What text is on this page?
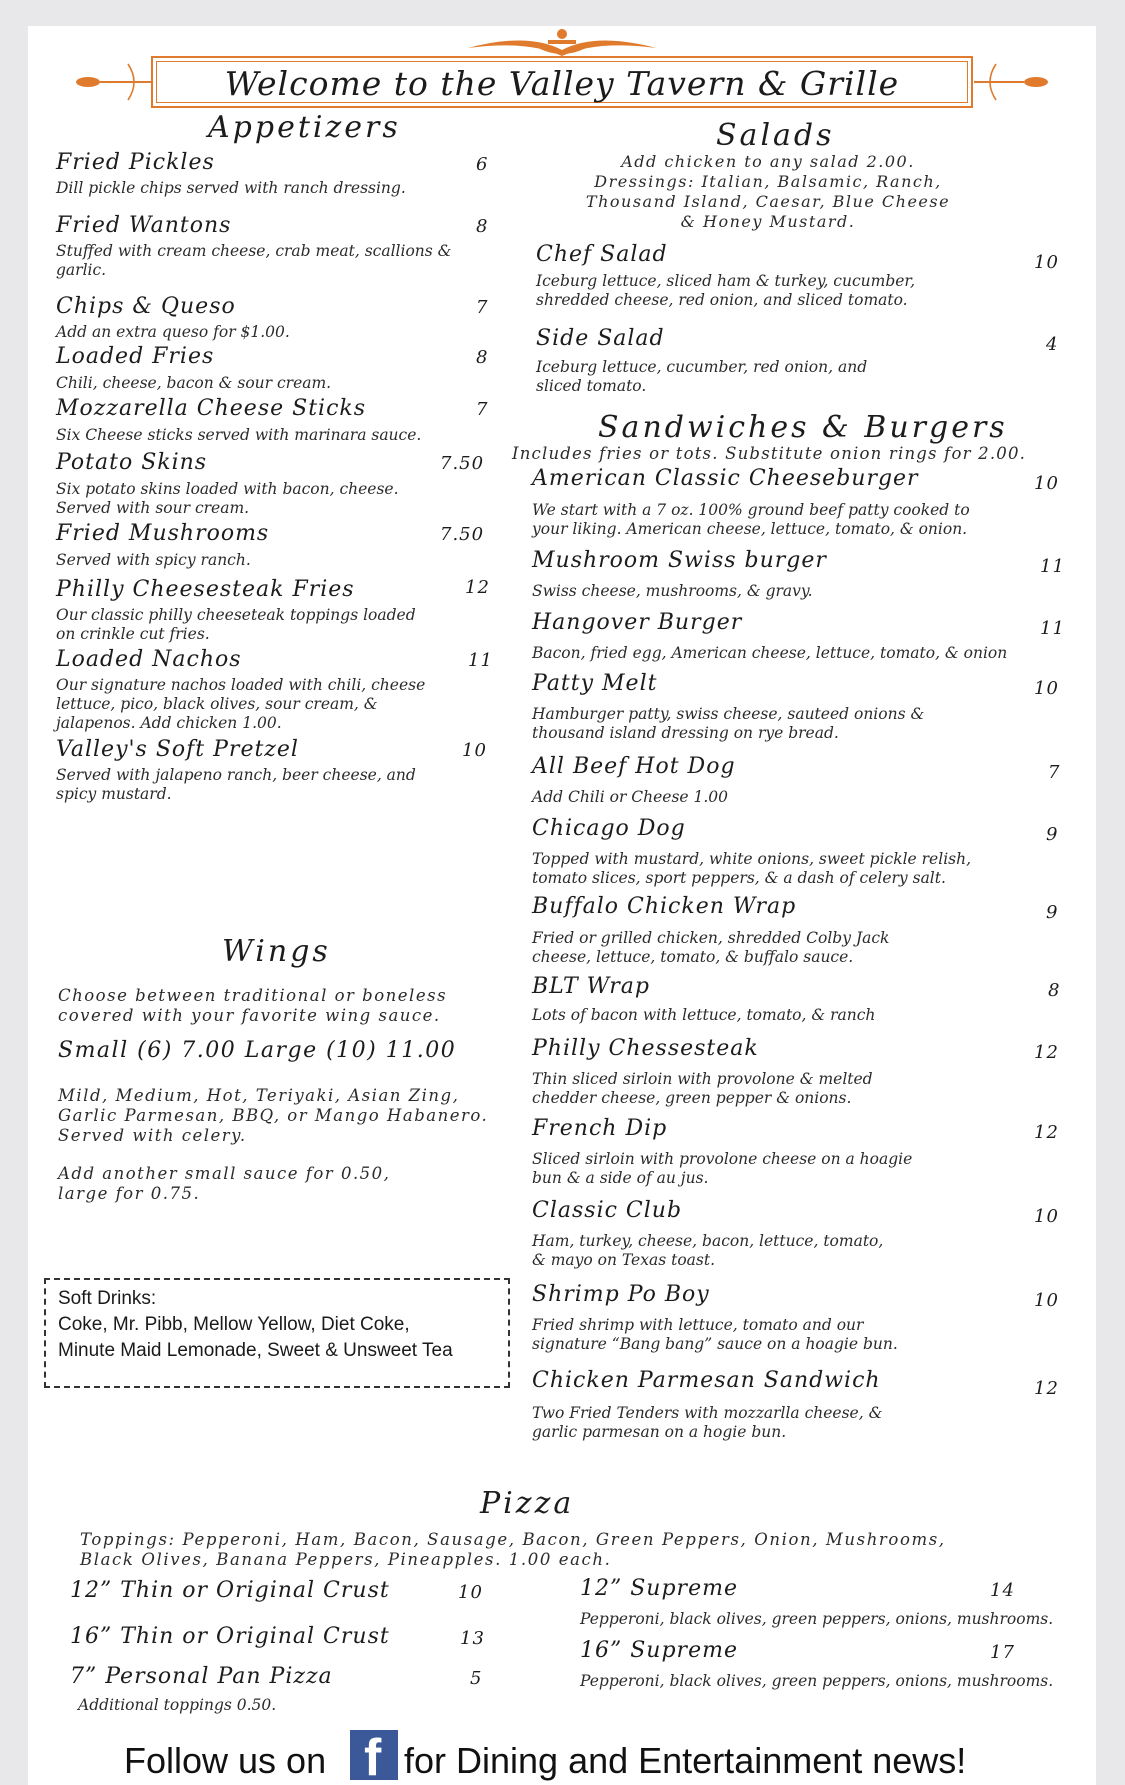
Welcome to the Valley Tavern & Grille
Appetizers
Fried Pickles	6
Dill pickle chips served with ranch dressing.
Fried Wantons	8
Stuffed with cream cheese, crab meat, scallions & garlic.
Chips & Queso	7
Add an extra queso for $1.00.
Loaded Fries	8
Chili, cheese, bacon & sour cream.
Mozzarella Cheese Sticks	7
Six Cheese sticks served with marinara sauce.
Potato Skins	7.50
Six potato skins loaded with bacon, cheese. Served with sour cream.
Fried Mushrooms	7.50
Served with spicy ranch.
Philly Cheesesteak Fries	12
Our classic philly cheeseteak toppings loaded on crinkle cut fries.
Loaded Nachos	11
Our signature nachos loaded with chili, cheese lettuce, pico, black olives, sour cream, & jalapenos. Add chicken 1.00.
Valley's Soft Pretzel	10
Served with jalapeno ranch, beer cheese, and spicy mustard.
Wings
Choose between traditional or boneless covered with your favorite wing sauce.
Small (6) 7.00 Large (10) 11.00
Mild, Medium, Hot, Teriyaki, Asian Zing, Garlic Parmesan, BBQ, or Mango Habanero. Served with celery.
Add another small sauce for 0.50, large for 0.75.
Soft Drinks:
Coke, Mr. Pibb, Mellow Yellow, Diet Coke,
Minute Maid Lemonade, Sweet & Unsweet Tea
Salads
Add chicken to any salad 2.00.
Dressings: Italian, Balsamic, Ranch,
Thousand Island, Caesar, Blue Cheese
& Honey Mustard.
Chef Salad	10
Iceburg lettuce, sliced ham & turkey, cucumber, shredded cheese, red onion, and sliced tomato.
Side Salad	4
Iceburg lettuce, cucumber, red onion, and sliced tomato.
Sandwiches & Burgers
Includes fries or tots. Substitute onion rings for 2.00.
American Classic Cheeseburger	10
We start with a 7 oz. 100% ground beef patty cooked to your liking. American cheese, lettuce, tomato, & onion.
Mushroom Swiss burger	11
Swiss cheese, mushrooms, & gravy.
Hangover Burger	11
Bacon, fried egg, American cheese, lettuce, tomato, & onion
Patty Melt	10
Hamburger patty, swiss cheese, sauteed onions & thousand island dressing on rye bread.
All Beef Hot Dog	7
Add Chili or Cheese 1.00
Chicago Dog	9
Topped with mustard, white onions, sweet pickle relish, tomato slices, sport peppers, & a dash of celery salt.
Buffalo Chicken Wrap	9
Fried or grilled chicken, shredded Colby Jack cheese, lettuce, tomato, & buffalo sauce.
BLT Wrap	8
Lots of bacon with lettuce, tomato, & ranch
Philly Chessesteak	12
Thin sliced sirloin with provolone & melted chedder cheese, green pepper & onions.
French Dip	12
Sliced sirloin with provolone cheese on a hoagie bun & a side of au jus.
Classic Club	10
Ham, turkey, cheese, bacon, lettuce, tomato, & mayo on Texas toast.
Shrimp Po Boy	10
Fried shrimp with lettuce, tomato and our signature “Bang bang” sauce on a hoagie bun.
Chicken Parmesan Sandwich	12
Two Fried Tenders with mozzarlla cheese, & garlic parmesan on a hogie bun.
Pizza
Toppings: Pepperoni, Ham, Bacon, Sausage, Bacon, Green Peppers, Onion, Mushrooms,
Black Olives, Banana Peppers, Pineapples. 1.00 each.
12” Thin or Original Crust	10
16” Thin or Original Crust	13
7” Personal Pan Pizza	5
Additional toppings 0.50.
12” Supreme	14
Pepperoni, black olives, green peppers, onions, mushrooms.
16” Supreme	17
Pepperoni, black olives, green peppers, onions, mushrooms.
Follow us on f for Dining and Entertainment news!
